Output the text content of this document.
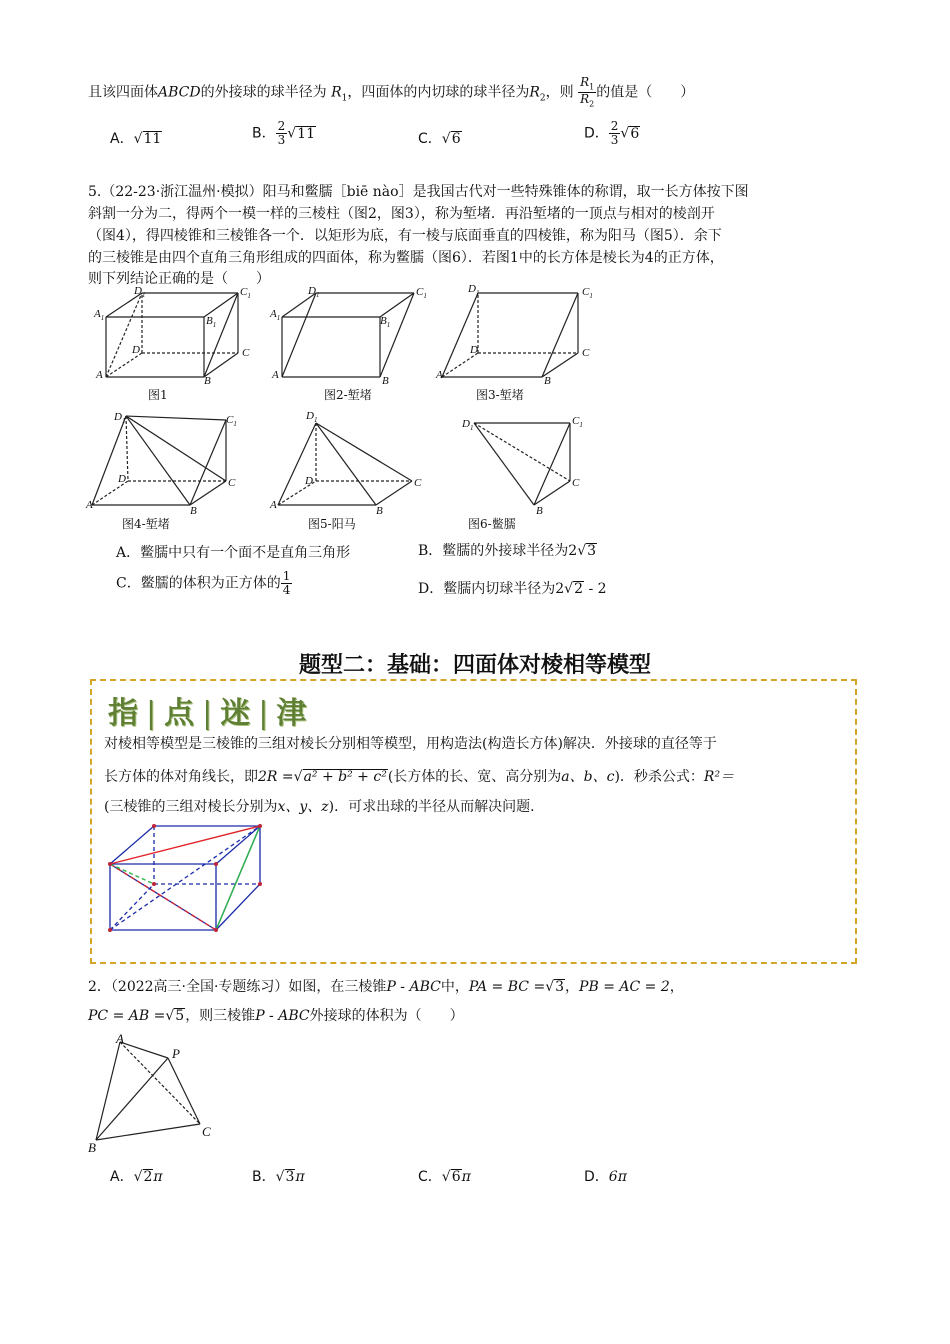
且该四面体ABCD的外接球的球半径为 $R_1$，四面体的内切球的球半径为$R_2$，则 $\frac{R_1}{R_2}$ 的值是（　　）
A．√11	B． $\frac{2}{3} √11$	C．√6	D． $\frac{2}{3} √6$
5.（22-23·浙江温州·模拟）阳马和鳖臑［biē nào］是我国古代对一些特殊锥体的称谓，取一长方体按下图
斜割一分为二，得两个一模一样的三棱柱（图2，图3），称为堑堵．再沿堑堵的一顶点与相对的棱剖开
（图4），得四棱锥和三棱锥各一个．以矩形为底，有一棱与底面垂直的四棱锥，称为阳马（图5）．余下
的三棱锥是由四个直角三角形组成的四面体，称为鳖臑（图6）．若图1中的长方体是棱长为4的正方体，
则下列结论正确的是（　　）
$D_1$	$C_1$
$A_1$	$B_1$
D	C
A	B
$D_1$	$C_1$
$A_1$	$B_1$
A	B
$D_1$	$C_1$
D	C
A	B
$D_1$	$C_1$
D	C
A	B
$D_1$
D	C
A	B
$D_1$
$C_1$
C
B
图1	图2-堑堵	图3-堑堵
图4-堑堵	图5-阳马	图6-鳖臑
A．鳖臑中只有一个面不是直角三角形	B．鳖臑的外接球半径为2√3
C．鳖臑的体积为正方体的 $\frac{1}{4}$	D．鳖臑内切球半径为2√2 - 2
题型二：基础：四面体对棱相等模型
指 | 点 | 迷 | 津
对棱相等模型是三棱锥的三组对棱长分别相等模型，用构造法(构造长方体)解决．外接球的直径等于
长方体的体对角线长，即2R =√a² + b² + c²(长方体的长、宽、高分别为a、b、c)．秒杀公式：R²＝
(三棱锥的三组对棱长分别为x、y、z)．可求出球的半径从而解决问题．
2．（2022高三·全国·专题练习）如图，在三棱锥P - ABC中，PA = BC =√3，PB = AC = 2，
PC = AB =√5，则三棱锥P - ABC外接球的体积为（　　）
A
P
B
C
A．√2π	B．√3π	C．√6π	D．6π
